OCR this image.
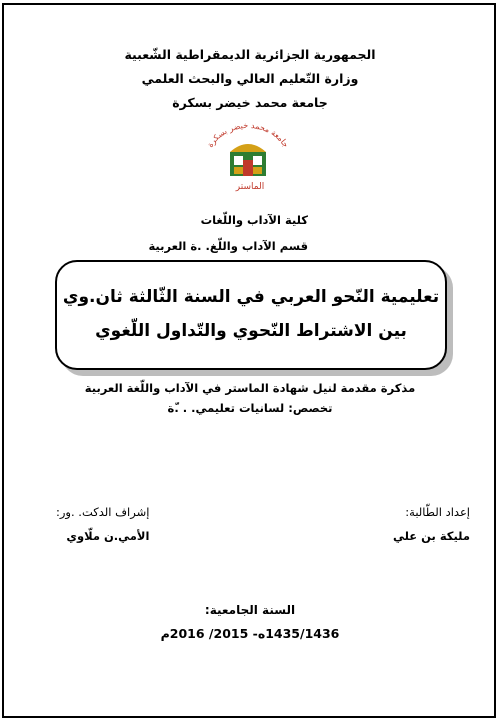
الجمهورية الجزائرية الديمقراطية الشّعبية
وزارة التّعليم العالي والبحث العلمي
جامعة محمد خيضر بسكرة
جامعة محمد خيضر بسكرة
الماستر
كلية الآداب واللّغات
قسم الآداب واللّغ. .ة العربية
تعليمية النّحو العربي في السنة الثّالثة ثان.وي
بين الاشتراط النّحوي والتّداول اللّغوي
مذكرة مقدمة لنيل شهادة الماستر في الآداب واللّغة العربية
تخصص: لسانيات تعليمي. . .ّة
إعداد الطّالبة:
مليكة بن علي
إشراف الدكت. .ور:
الأمي.ن ملّاوي
السنة الجامعية:
1435/1436ه- 2015/ 2016م
